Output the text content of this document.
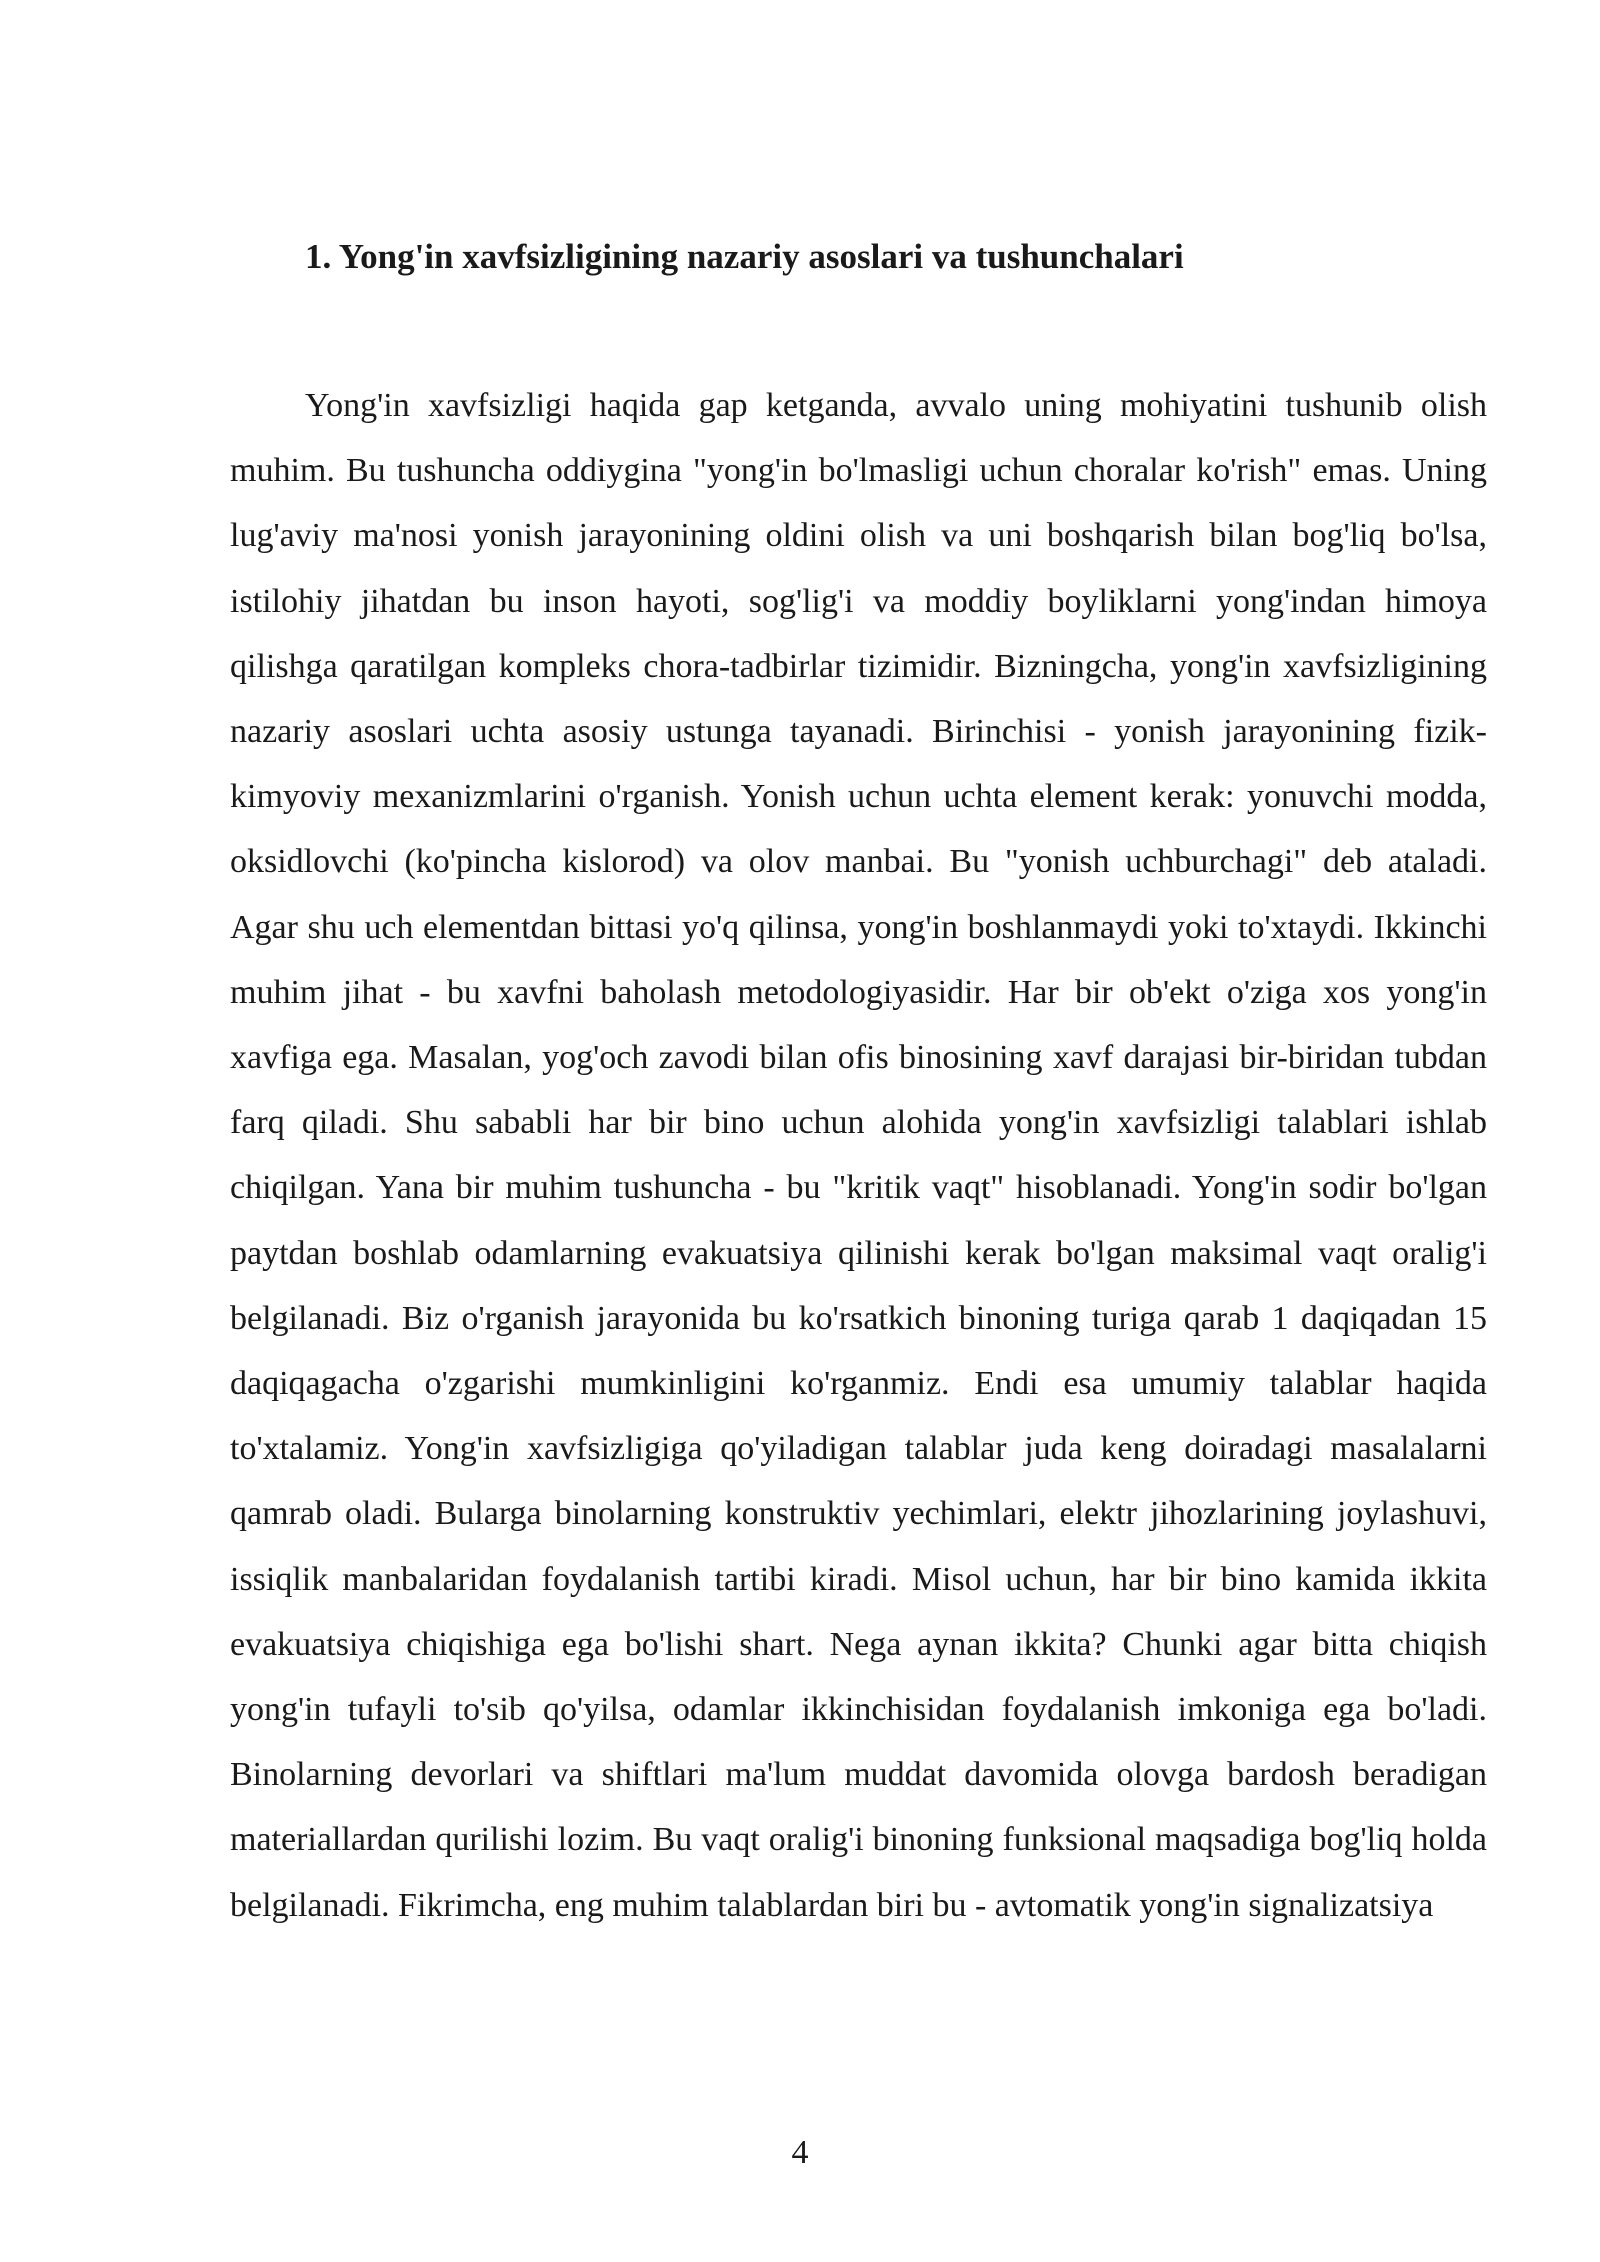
1. Yong'in xavfsizligining nazariy asoslari va tushunchalari

Yong'in xavfsizligi haqida gap ketganda, avvalo uning mohiyatini tushunib olish muhim. Bu tushuncha oddiygina "yong'in bo'lmasligi uchun choralar ko'rish" emas. Uning lug'aviy ma'nosi yonish jarayonining oldini olish va uni boshqarish bilan bog'liq bo'lsa, istilohiy jihatdan bu inson hayoti, sog'lig'i va moddiy boyliklarni yong'indan himoya qilishga qaratilgan kompleks chora-tadbirlar tizimidir. Bizningcha, yong'in xavfsizligining nazariy asoslari uchta asosiy ustunga tayanadi. Birinchisi - yonish jarayonining fizik-kimyoviy mexanizmlarini o'rganish. Yonish uchun uchta element kerak: yonuvchi modda, oksidlovchi (ko'pincha kislorod) va olov manbai. Bu "yonish uchburchagi" deb ataladi. Agar shu uch elementdan bittasi yo'q qilinsa, yong'in boshlanmaydi yoki to'xtaydi. Ikkinchi muhim jihat - bu xavfni baholash metodologiyasidir. Har bir ob'ekt o'ziga xos yong'in xavfiga ega. Masalan, yog'och zavodi bilan ofis binosining xavf darajasi bir-biridan tubdan farq qiladi. Shu sababli har bir bino uchun alohida yong'in xavfsizligi talablari ishlab chiqilgan. Yana bir muhim tushuncha - bu "kritik vaqt" hisoblanadi. Yong'in sodir bo'lgan paytdan boshlab odamlarning evakuatsiya qilinishi kerak bo'lgan maksimal vaqt oralig'i belgilanadi. Biz o'rganish jarayonida bu ko'rsatkich binoning turiga qarab 1 daqiqadan 15 daqiqagacha o'zgarishi mumkinligini ko'rganmiz. Endi esa umumiy talablar haqida to'xtalamiz. Yong'in xavfsizligiga qo'yiladigan talablar juda keng doiradagi masalalarni qamrab oladi. Bularga binolarning konstruktiv yechimlari, elektr jihozlarining joylashuvi, issiqlik manbalaridan foydalanish tartibi kiradi. Misol uchun, har bir bino kamida ikkita evakuatsiya chiqishiga ega bo'lishi shart. Nega aynan ikkita? Chunki agar bitta chiqish yong'in tufayli to'sib qo'yilsa, odamlar ikkinchisidan foydalanish imkoniga ega bo'ladi. Binolarning devorlari va shiftlari ma'lum muddat davomida olovga bardosh beradigan materiallardan qurilishi lozim. Bu vaqt oralig'i binoning funksional maqsadiga bog'liq holda belgilanadi. Fikrimcha, eng muhim talablardan biri bu - avtomatik yong'in signalizatsiya

4
